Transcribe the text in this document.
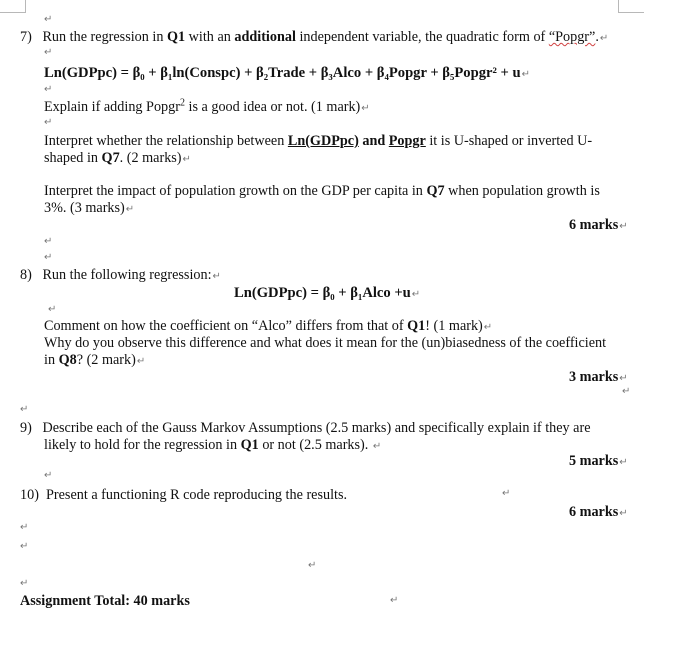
↵
7) Run the regression in Q1 with an additional independent variable, the quadratic form of “Popgr”.↵
↵
Ln(GDPpc) = β₀ + β₁ln(Conspc) + β₂Trade + β₃Alco + β₄Popgr + β₅Popgr² + u↵
↵
Explain if adding Popgr$^2$ is a good idea or not. (1 mark)↵
↵
Interpret whether the relationship between Ln(GDPpc) and Popgr it is U-shaped or inverted U-
shaped in Q7. (2 marks)↵
Interpret the impact of population growth on the GDP per capita in Q7 when population growth is
3%. (3 marks)↵
6 marks↵
↵
↵
8) Run the following regression:↵
Ln(GDPpc) = β₀ + β₁Alco +u↵
↵
Comment on how the coefficient on “Alco” differs from that of Q1! (1 mark)↵
Why do you observe this difference and what does it mean for the (un)biasedness of the coefficient
in Q8? (2 mark)↵
3 marks↵
↵
↵
9) Describe each of the Gauss Markov Assumptions (2.5 marks) and specifically explain if they are
likely to hold for the regression in Q1 or not (2.5 marks). ↵
5 marks↵
↵
10) Present a functioning R code reproducing the results.	↵
6 marks↵
↵
↵
↵
↵
Assignment Total: 40 marks	↵
